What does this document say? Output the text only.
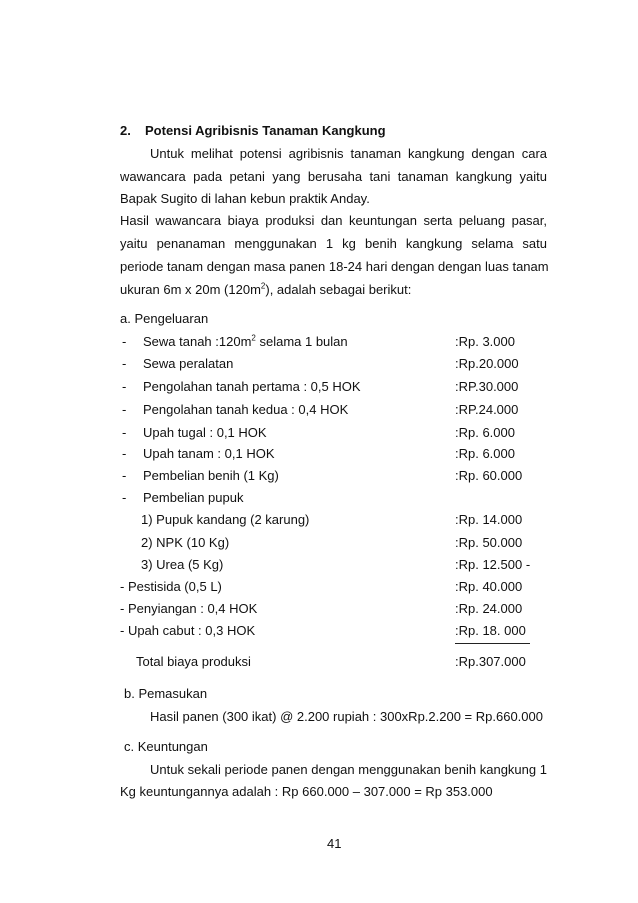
2. Potensi Agribisnis Tanaman Kangkung
Untuk melihat potensi agribisnis tanaman kangkung dengan cara
wawancara pada petani yang berusaha tani tanaman kangkung yaitu
Bapak Sugito di lahan kebun praktik Anday.
Hasil wawancara biaya produksi dan keuntungan serta peluang pasar,
yaitu penanaman menggunakan 1 kg benih kangkung selama satu
periode tanam dengan masa panen 18-24 hari dengan dengan luas tanam
ukuran 6m x 20m $(120m^2)$, adalah sebagai berikut:
a. Pengeluaran
- Sewa tanah $:120m^2$ selama 1 bulan	:Rp. 3.000
- Sewa peralatan	:Rp.20.000
- Pengolahan tanah pertama : 0,5 HOK	:RP.30.000
- Pengolahan tanah kedua : 0,4 HOK	:RP.24.000
- Upah tugal : 0,1 HOK	:Rp. 6.000
- Upah tanam : 0,1 HOK	:Rp. 6.000
- Pembelian benih (1 Kg)	:Rp. 60.000
- Pembelian pupuk
1) Pupuk kandang (2 karung)	:Rp. 14.000
2) NPK (10 Kg)	:Rp. 50.000
3) Urea (5 Kg)	:Rp. 12.500 -
- Pestisida (0,5 L)	:Rp. 40.000
- Penyiangan : 0,4 HOK	:Rp. 24.000
- Upah cabut : 0,3 HOK	:Rp. 18. 000
Total biaya produksi	:Rp.307.000
b. Pemasukan
Hasil panen (300 ikat) @ 2.200 rupiah : 300xRp.2.200 = Rp.660.000
c. Keuntungan
Untuk sekali periode panen dengan menggunakan benih kangkung 1
Kg keuntungannya adalah : Rp 660.000 – 307.000 = Rp 353.000
41
